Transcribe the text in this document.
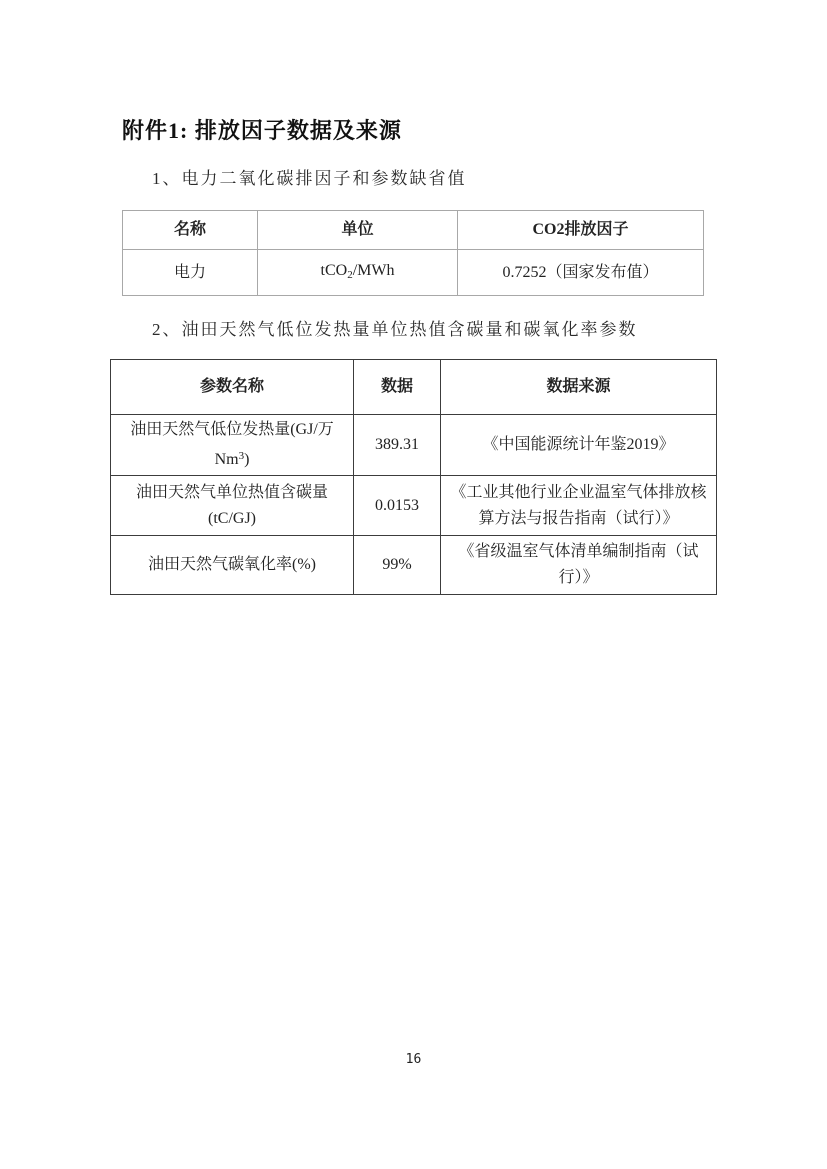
附件1: 排放因子数据及来源
1、电力二氧化碳排因子和参数缺省值
名称	单位	CO2排放因子
电力	tCO$_2$/MWh	0.7252（国家发布值）
2、油田天然气低位发热量单位热值含碳量和碳氧化率参数
参数名称	数据	数据来源
油田天然气低位发热量(GJ/万
Nm$^3$)	389.31	《中国能源统计年鉴2019》
油田天然气单位热值含碳量
(tC/GJ)	0.0153	《工业其他行业企业温室气体排放核算方法与报告指南（试行）》
油田天然气碳氧化率(%)	99%	《省级温室气体清单编制指南（试行）》
16
